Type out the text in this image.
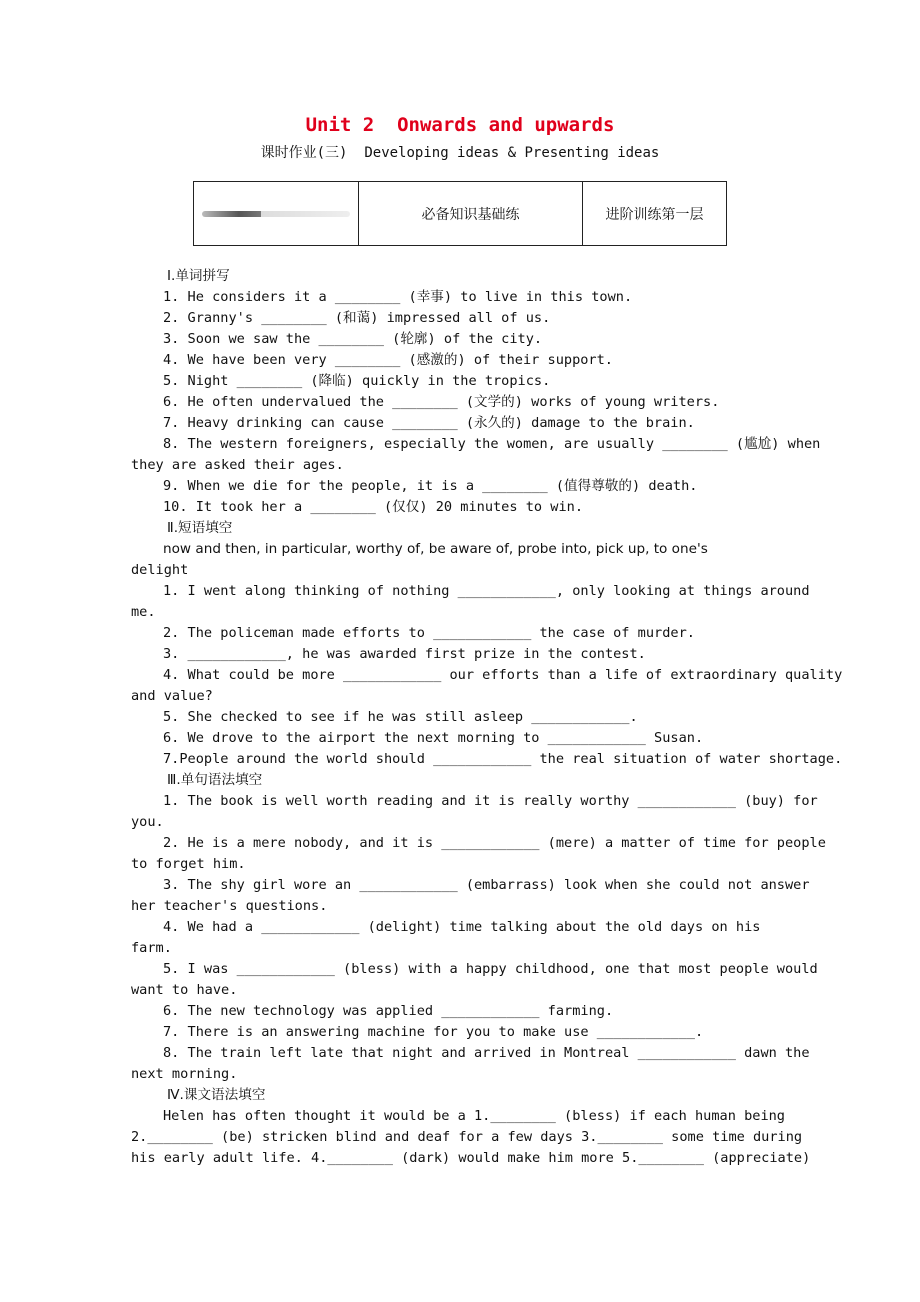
Unit 2  Onwards and upwards
课时作业(三)  Developing ideas & Presenting ideas
必备知识基础练	进阶训练第一层
Ⅰ.单词拼写
1. He considers it a ________ (幸事) to live in this town.
2. Granny's ________ (和蔼) impressed all of us.
3. Soon we saw the ________ (轮廓) of the city.
4. We have been very ________ (感激的) of their support.
5. Night ________ (降临) quickly in the tropics.
6. He often undervalued the ________ (文学的) works of young writers.
7. Heavy drinking can cause ________ (永久的) damage to the brain.
8. The western foreigners, especially the women, are usually ________ (尴尬) when
they are asked their ages.
9. When we die for the people, it is a ________ (值得尊敬的) death.
10. It took her a ________ (仅仅) 20 minutes to win.
Ⅱ.短语填空
now and then, in particular, worthy of, be aware of, probe into, pick up, to one's
delight
1. I went along thinking of nothing ____________, only looking at things around
me.
2. The policeman made efforts to ____________ the case of murder.
3. ____________, he was awarded first prize in the contest.
4. What could be more ____________ our efforts than a life of extraordinary quality
and value?
5. She checked to see if he was still asleep ____________.
6. We drove to the airport the next morning to ____________ Susan.
7.People around the world should ____________ the real situation of water shortage.
Ⅲ.单句语法填空
1. The book is well worth reading and it is really worthy ____________ (buy) for
you.
2. He is a mere nobody, and it is ____________ (mere) a matter of time for people
to forget him.
3. The shy girl wore an ____________ (embarrass) look when she could not answer
her teacher's questions.
4. We had a ____________ (delight) time talking about the old days on his
farm.
5. I was ____________ (bless) with a happy childhood, one that most people would
want to have.
6. The new technology was applied ____________ farming.
7. There is an answering machine for you to make use ____________.
8. The train left late that night and arrived in Montreal ____________ dawn the
next morning.
Ⅳ.课文语法填空
Helen has often thought it would be a 1.________ (bless) if each human being
2.________ (be) stricken blind and deaf for a few days 3.________ some time during
his early adult life. 4.________ (dark) would make him more 5.________ (appreciate)
